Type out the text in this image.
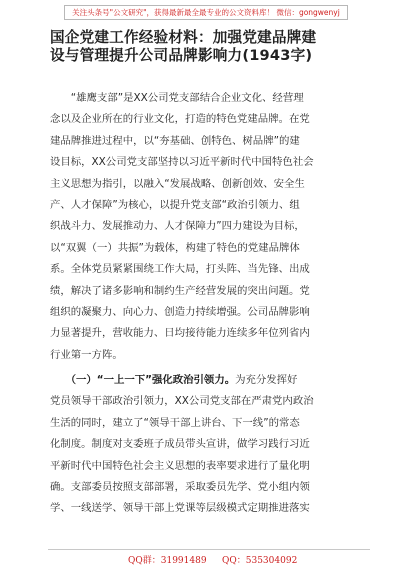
关注头条号"公文研究"，获得最新最全最专业的公文资料库！ 微信：gongwenyj
国企党建工作经验材料：加强党建品牌建
设与管理提升公司品牌影响力(1943字)
　　“雄鹰支部”是XX公司党支部结合企业文化、经营理
念以及企业所在的行业文化，打造的特色党建品牌。在党
建品牌推进过程中，以“夯基础、创特色、树品牌”的建
设目标，XX公司党支部坚持以习近平新时代中国特色社会
主义思想为指引，以融入“发展战略、创新创效、安全生
产、人才保障”为核心，以提升党支部“政治引领力、组
织战斗力、发展推动力、人才保障力”四力建设为目标，
以“双翼（一）共振”为载体，构建了特色的党建品牌体
系。全体党员紧紧围绕工作大局，打头阵、当先锋、出成
绩，解决了诸多影响和制约生产经营发展的突出问题。党
组织的凝聚力、向心力、创造力持续增强。公司品牌影响
力显著提升，营收能力、日均接待能力连续多年位列省内
行业第一方阵。
　　（一）“一上一下”强化政治引领力。为充分发挥好
党员领导干部政治引领力，XX公司党支部在严肃党内政治
生活的同时，建立了“领导干部上讲台、下一线”的常态
化制度。制度对支委班子成员带头宣讲，做学习践行习近
平新时代中国特色社会主义思想的表率要求进行了量化明
确。支部委员按照支部部署，采取委员先学、党小组内领
学、一线送学、领导干部上党课等层级模式定期推进落实
QQ群：31991489 QQ：535304092
